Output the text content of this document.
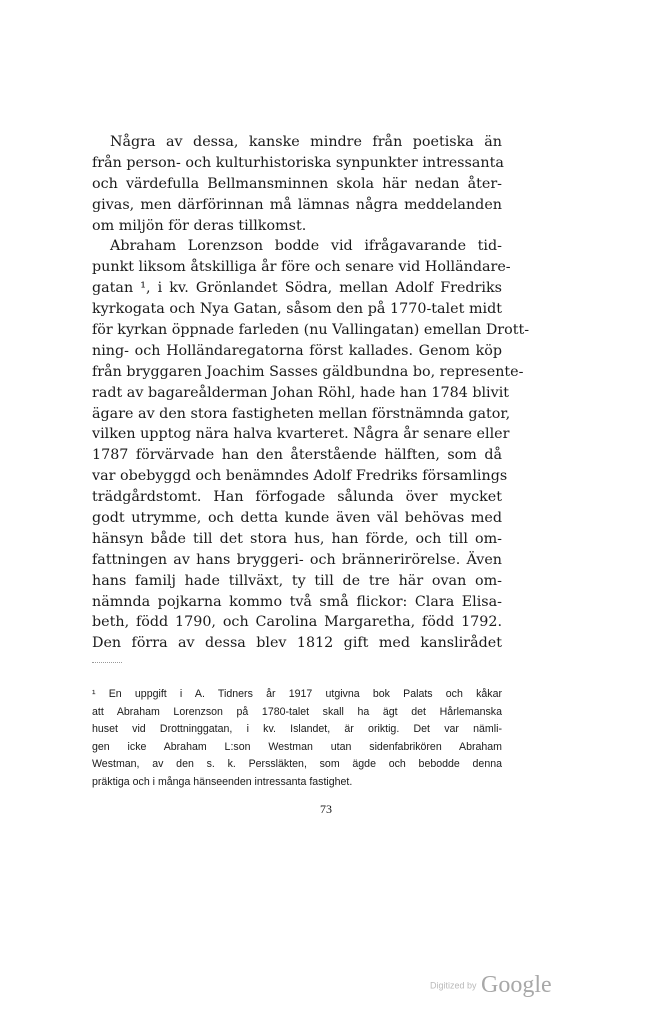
Några av dessa, kanske mindre från poetiska än
från person- och kulturhistoriska synpunkter intressanta
och värdefulla Bellmansminnen skola här nedan åter-
givas, men därförinnan må lämnas några meddelanden
om miljön för deras tillkomst.
Abraham Lorenzson bodde vid ifrågavarande tid-
punkt liksom åtskilliga år före och senare vid Holländare-
gatan ¹, i kv. Grönlandet Södra, mellan Adolf Fredriks
kyrkogata och Nya Gatan, såsom den på 1770-talet midt
för kyrkan öppnade farleden (nu Vallingatan) emellan Drott-
ning- och Holländaregatorna först kallades. Genom köp
från bryggaren Joachim Sasses gäldbundna bo, represente-
radt av bagareålderman Johan Röhl, hade han 1784 blivit
ägare av den stora fastigheten mellan förstnämnda gator,
vilken upptog nära halva kvarteret. Några år senare eller
1787 förvärvade han den återstående hälften, som då
var obebyggd och benämndes Adolf Fredriks församlings
trädgårdstomt. Han förfogade sålunda över mycket
godt utrymme, och detta kunde även väl behövas med
hänsyn både till det stora hus, han förde, och till om-
fattningen av hans bryggeri- och brännerirörelse. Även
hans familj hade tillväxt, ty till de tre här ovan om-
nämnda pojkarna kommo två små flickor: Clara Elisa-
beth, född 1790, och Carolina Margaretha, född 1792.
Den förra av dessa blev 1812 gift med kanslirådet
¹ En uppgift i A. Tidners år 1917 utgivna bok Palats och kåkar
att Abraham Lorenzson på 1780-talet skall ha ägt det Hårlemanska
huset vid Drottninggatan, i kv. Islandet, är oriktig. Det var nämli-
gen icke Abraham L:son Westman utan sidenfabrikören Abraham
Westman, av den s. k. Perssläkten, som ägde och bebodde denna
präktiga och i många hänseenden intressanta fastighet.
73
Digitized by Google
